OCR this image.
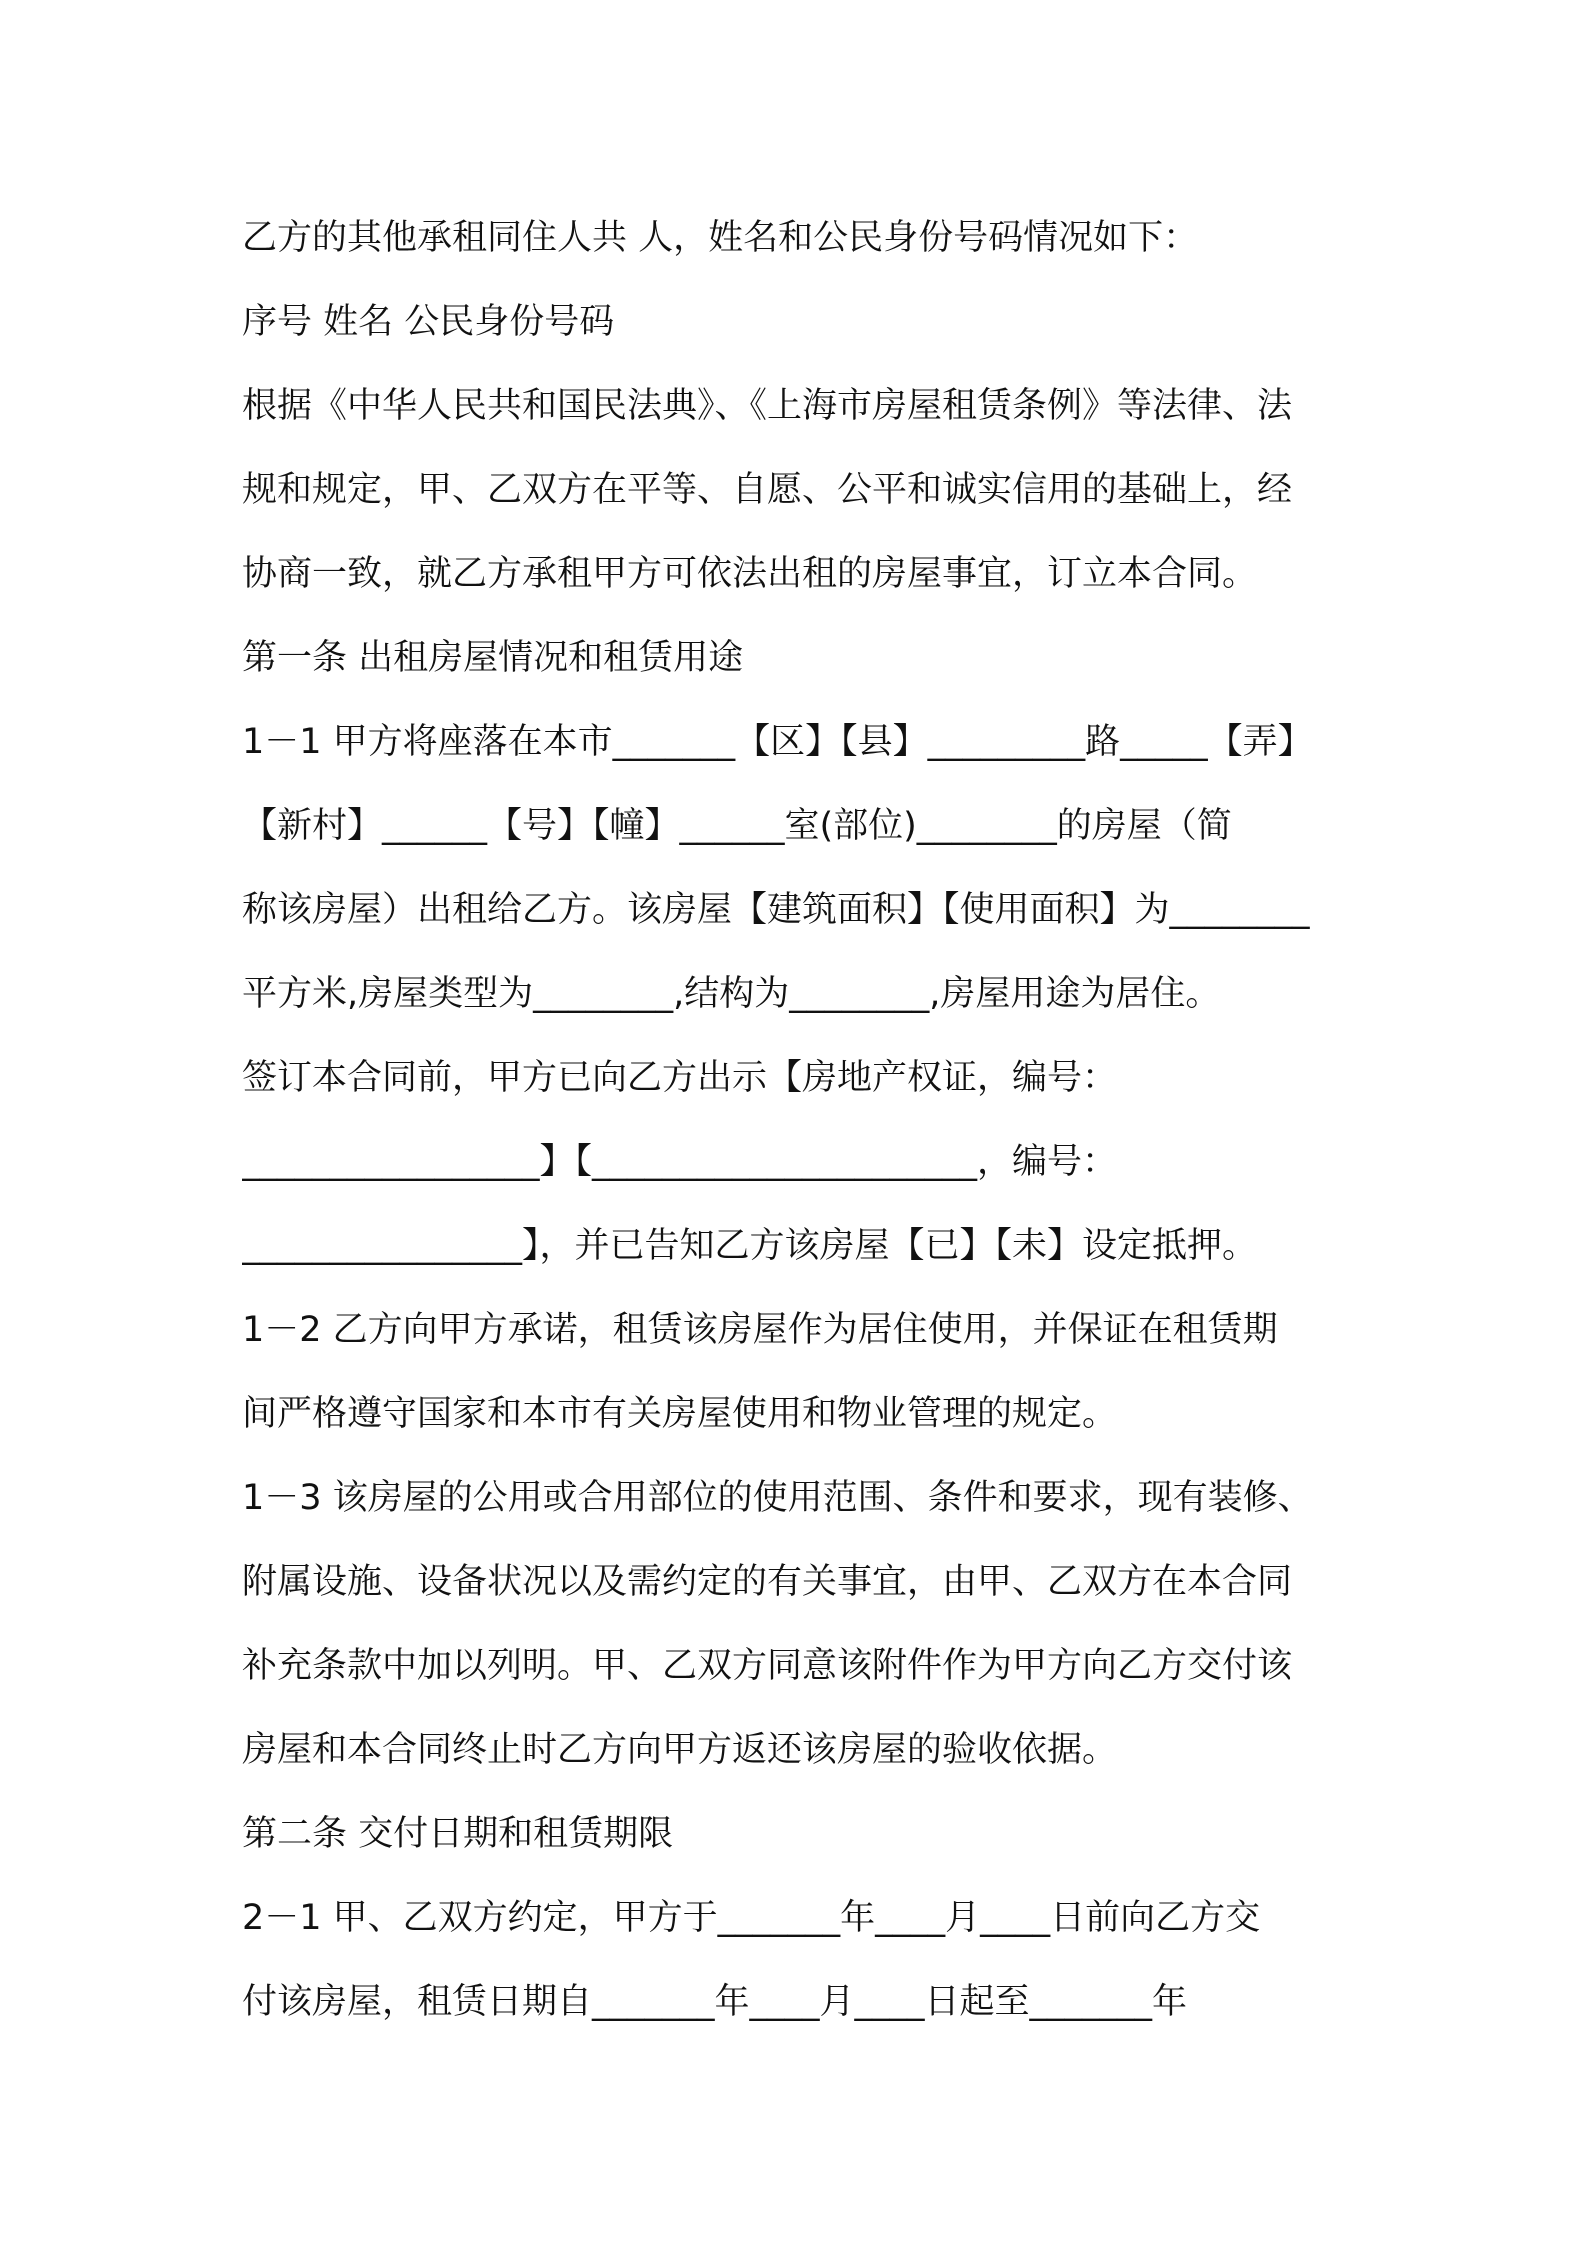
乙方的其他承租同住人共 人，姓名和公民身份号码情况如下：
序号 姓名 公民身份号码
根据《中华人民共和国民法典》、《上海市房屋租赁条例》等法律、法
规和规定，甲、乙双方在平等、自愿、公平和诚实信用的基础上，经
协商一致，就乙方承租甲方可依法出租的房屋事宜，订立本合同。
第一条 出租房屋情况和租赁用途
1－1 甲方将座落在本市_______【区】【县】_________路_____【弄】
【新村】______【号】【幢】______室(部位)________的房屋（简
称该房屋）出租给乙方。该房屋【建筑面积】【使用面积】为________
平方米,房屋类型为________,结构为________,房屋用途为居住。
签订本合同前，甲方已向乙方出示【房地产权证，编号：
_________________】【______________________，编号：
________________】，并已告知乙方该房屋【已】【未】设定抵押。
1－2 乙方向甲方承诺，租赁该房屋作为居住使用，并保证在租赁期
间严格遵守国家和本市有关房屋使用和物业管理的规定。
1－3 该房屋的公用或合用部位的使用范围、条件和要求，现有装修、
附属设施、设备状况以及需约定的有关事宜，由甲、乙双方在本合同
补充条款中加以列明。甲、乙双方同意该附件作为甲方向乙方交付该
房屋和本合同终止时乙方向甲方返还该房屋的验收依据。
第二条 交付日期和租赁期限
2－1 甲、乙双方约定，甲方于_______年____月____日前向乙方交
付该房屋，租赁日期自_______年____月____日起至_______年
